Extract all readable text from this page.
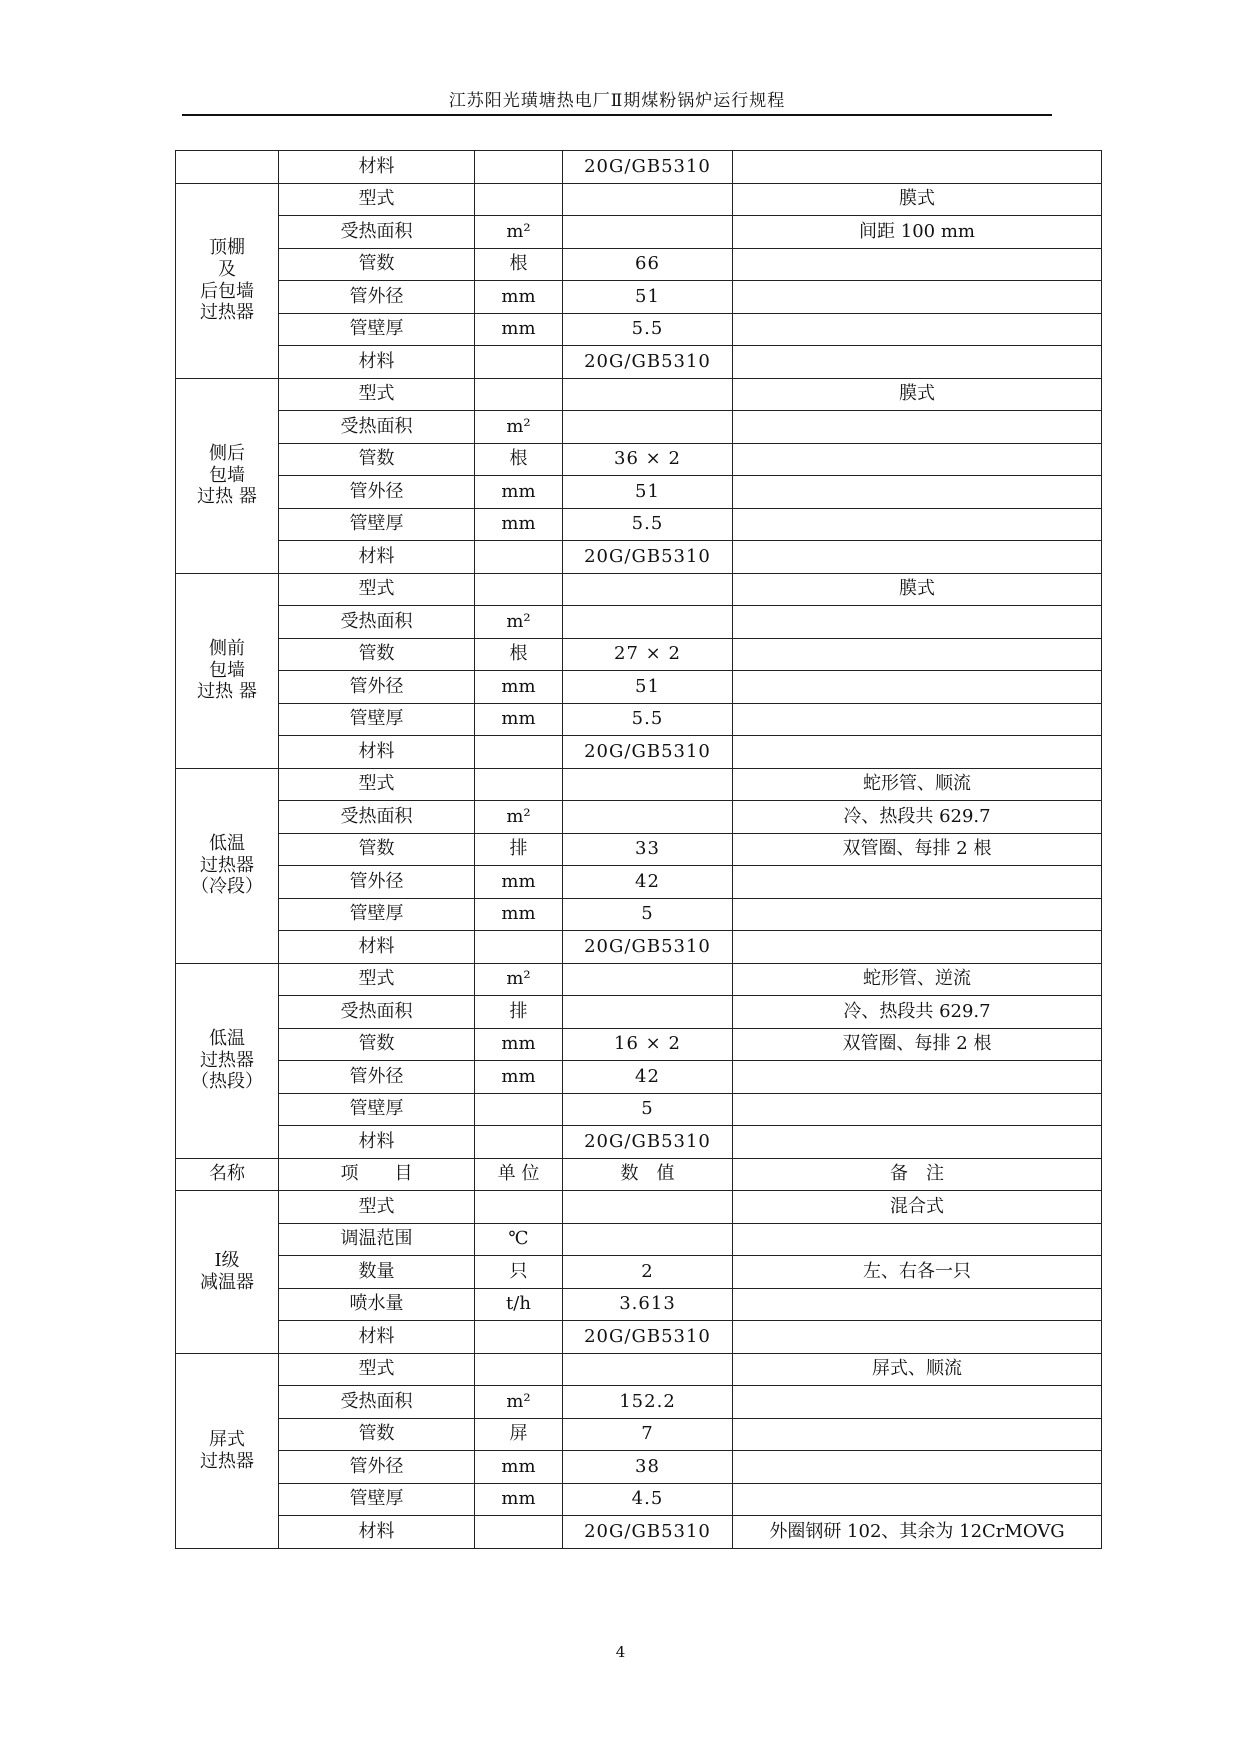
江苏阳光璜塘热电厂Ⅱ期煤粉锅炉运行规程
	材料		20G/GB5310	

顶棚
及
后包墙
过热器	型式			膜式
	受热面积	m²		间距 100 mm
	管数	根	66	
	管外径	mm	51	
	管壁厚	mm	5.5	
	材料		20G/GB5310	

侧后
包墙
过热 器	型式			膜式
	受热面积	m²		
	管数	根	36 × 2	
	管外径	mm	51	
	管壁厚	mm	5.5	
	材料		20G/GB5310	

侧前
包墙
过热 器	型式			膜式
	受热面积	m²		
	管数	根	27 × 2	
	管外径	mm	51	
	管壁厚	mm	5.5	
	材料		20G/GB5310	

低温
过热器
（冷段）	型式			蛇形管、顺流
	受热面积	m²		冷、热段共 629.7
	管数	排	33	双管圈、每排 2 根
	管外径	mm	42	
	管壁厚	mm	5	
	材料		20G/GB5310	

低温
过热器
（热段）	型式	m²		蛇形管、逆流
	受热面积	排		冷、热段共 629.7
	管数	mm	16 × 2	双管圈、每排 2 根
	管外径	mm	42	
	管壁厚		5	
	材料		20G/GB5310	
名称	项　　目	单 位	数　值	备　注

Ⅰ级
减温器	型式			混合式
	调温范围	℃		
	数量	只	2	左、右各一只
	喷水量	t/h	3.613	
	材料		20G/GB5310	

屏式
过热器	型式			屏式、顺流
	受热面积	m²	152.2	
	管数	屏	7	
	管外径	mm	38	
	管壁厚	mm	4.5	
	材料		20G/GB5310	外圈钢研 102、其余为 12CrMOVG
4
